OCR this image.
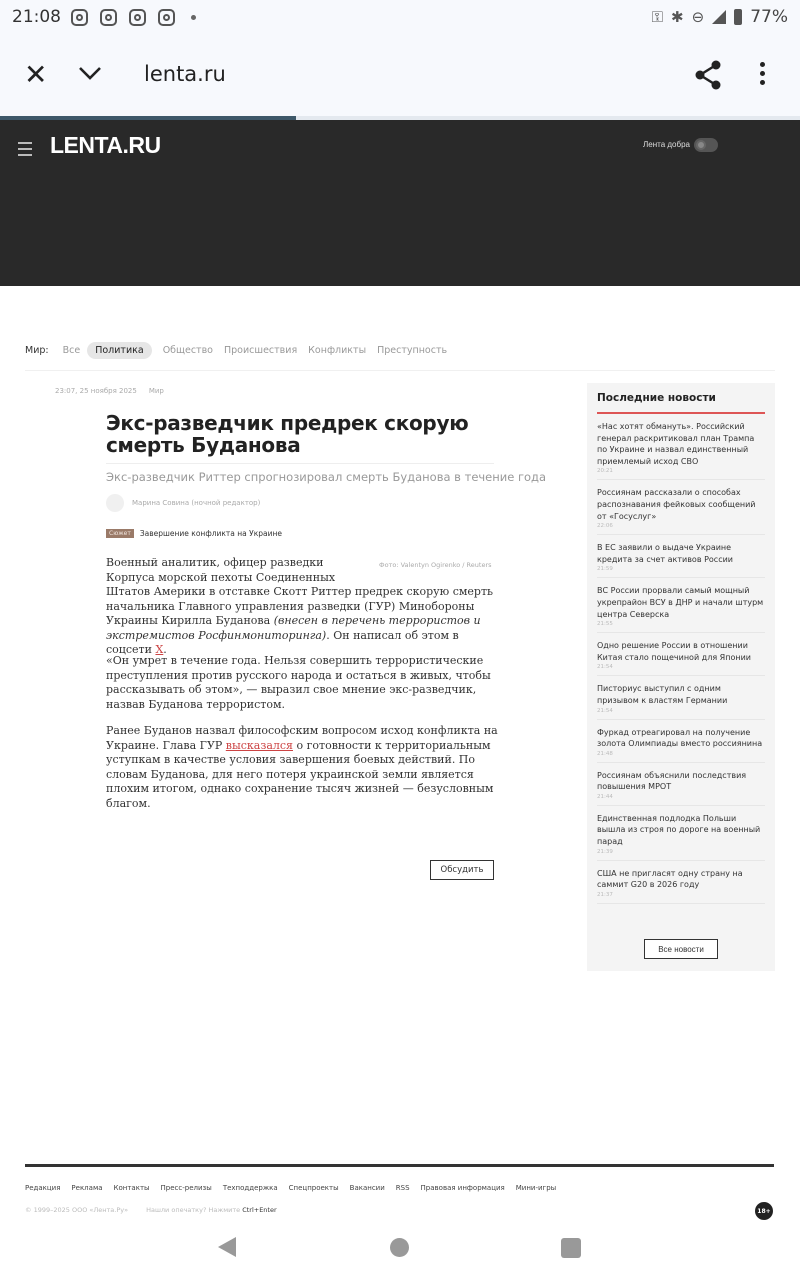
21:08	⚿ ✱ ⊖	77%
✕	lenta.ru
LENTA.RU	Лента добра
Мир: Все	Политика	Общество Происшествия Конфликты Преступность
23:07, 25 ноября 2025 Мир
Экс-разведчик предрек скорую смерть Буданова
Экс-разведчик Риттер спрогнозировал смерть Буданова в течение года
Марина Совина (ночной редактор)
Сюжет	Завершение конфликта на Украине
Фото: Valentyn Ogirenko / Reuters

Военный аналитик, офицер разведки Корпуса морской пехоты Соединенных
Штатов Америки в отставке Скотт Риттер предрек скорую смерть начальника Главного управления разведки (ГУР) Минобороны Украины Кирилла Буданова (внесен в перечень террористов и экстремистов Росфинмониторинга). Он написал об этом в соцсети X.

«Он умрет в течение года. Нельзя совершить террористические преступления против русского народа и остаться в живых, чтобы рассказывать об этом», — выразил свое мнение экс-разведчик, назвав Буданова террористом.

Ранее Буданов назвал философским вопросом исход конфликта на Украине. Глава ГУР высказался о готовности к территориальным уступкам в качестве условия завершения боевых действий. По словам Буданова, для него потеря украинской земли является плохим итогом, однако сохранение тысяч жизней — безусловным благом.

Обсудить
Последние новости
«Нас хотят обмануть». Российский генерал раскритиковал план Трампа по Украине и назвал единственный приемлемый исход СВО
20:21
Россиянам рассказали о способах распознавания фейковых сообщений от «Госуслуг»
22:06
В ЕС заявили о выдаче Украине кредита за счет активов России
21:59
ВС России прорвали самый мощный укрепрайон ВСУ в ДНР и начали штурм центра Северска
21:55
Одно решение России в отношении Китая стало пощечиной для Японии
21:54
Писториус выступил с одним призывом к властям Германии
21:54
Фуркад отреагировал на получение золота Олимпиады вместо россиянина
21:48
Россиянам объяснили последствия повышения МРОТ
21:44
Единственная подлодка Польши вышла из строя по дороге на военный парад
21:39
США не пригласят одну страну на саммит G20 в 2026 году
21:37
Все новости
Редакция Реклама Контакты Пресс-релизы Техподдержка Спецпроекты Вакансии RSS Правовая информация Мини-игры
© 1999–2025 ООО «Лента.Ру»	Нашли опечатку? Нажмите Ctrl+Enter	18+
